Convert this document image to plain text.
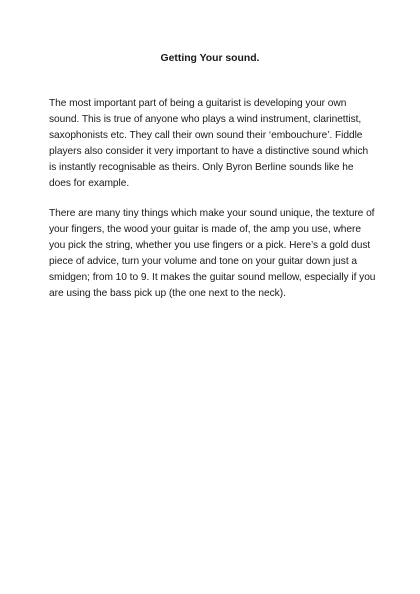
Getting Your sound.

The most important part of being a guitarist is developing your own sound. This is true of anyone who plays a wind instrument, clarinettist, saxophonists etc. They call their own sound their ‘embouchure’. Fiddle players also consider it very important to have a distinctive sound which is instantly recognisable as theirs. Only Byron Berline sounds like he does for example.

There are many tiny things which make your sound unique, the texture of your fingers, the wood your guitar is made of, the amp you use, where you pick the string, whether you use fingers or a pick. Here’s a gold dust piece of advice, turn your volume and tone on your guitar down just a smidgen; from 10 to 9. It makes the guitar sound mellow, especially if you are using the bass pick up (the one next to the neck).
